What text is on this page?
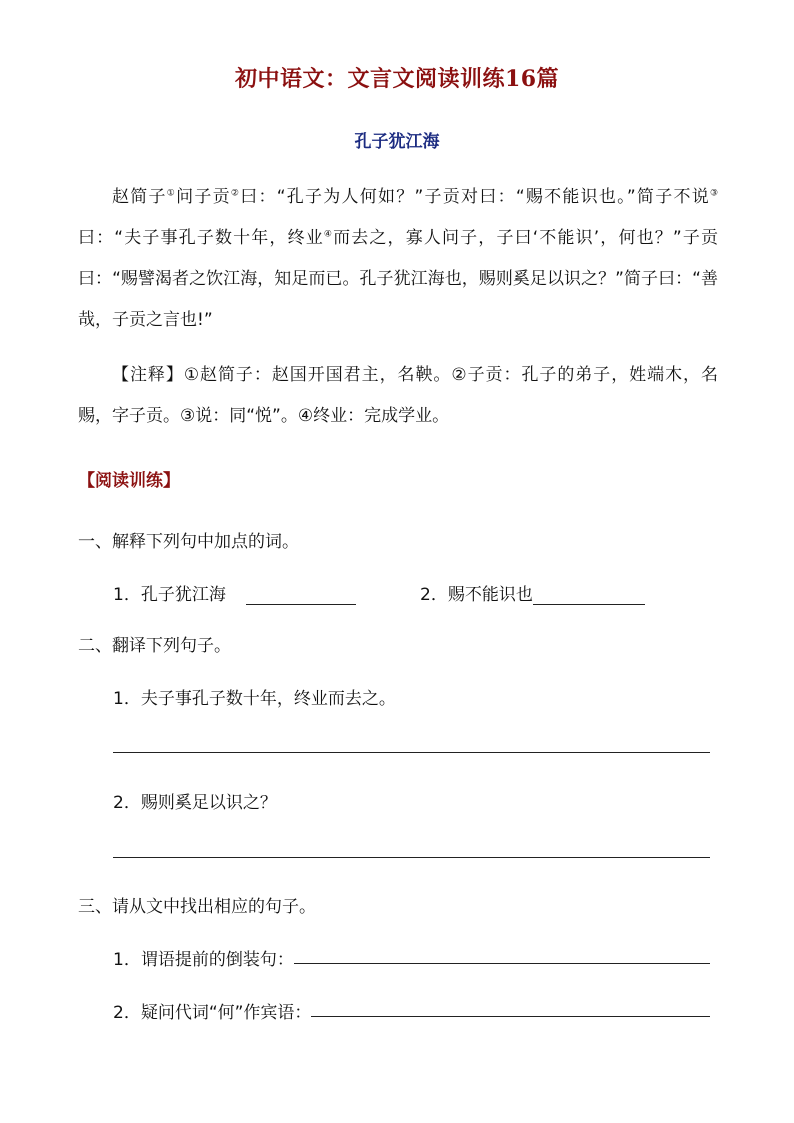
初中语文：文言文阅读训练16篇
孔子犹江海

赵简子①问子贡②曰：“孔子为人何如？”子贡对曰：“赐不能识也。”简子不说③曰：“夫子事孔子数十年，终业④而去之，寡人问子，子曰‘不能识’，何也？”子贡曰：“赐譬渴者之饮江海，知足而已。孔子犹江海也，赐则奚足以识之？”简子曰：“善哉，子贡之言也!”

【注释】①赵简子：赵国开国君主，名鞅。②子贡：孔子的弟子，姓端木，名赐，字子贡。③说：同“悦”。④终业：完成学业。

【阅读训练】
一、解释下列句中加点的词。
1．孔子犹江海	2．赐不能识也
二、翻译下列句子。
1．夫子事孔子数十年，终业而去之。
2．赐则奚足以识之？
三、请从文中找出相应的句子。
1．谓语提前的倒装句：
2．疑问代词“何”作宾语：
